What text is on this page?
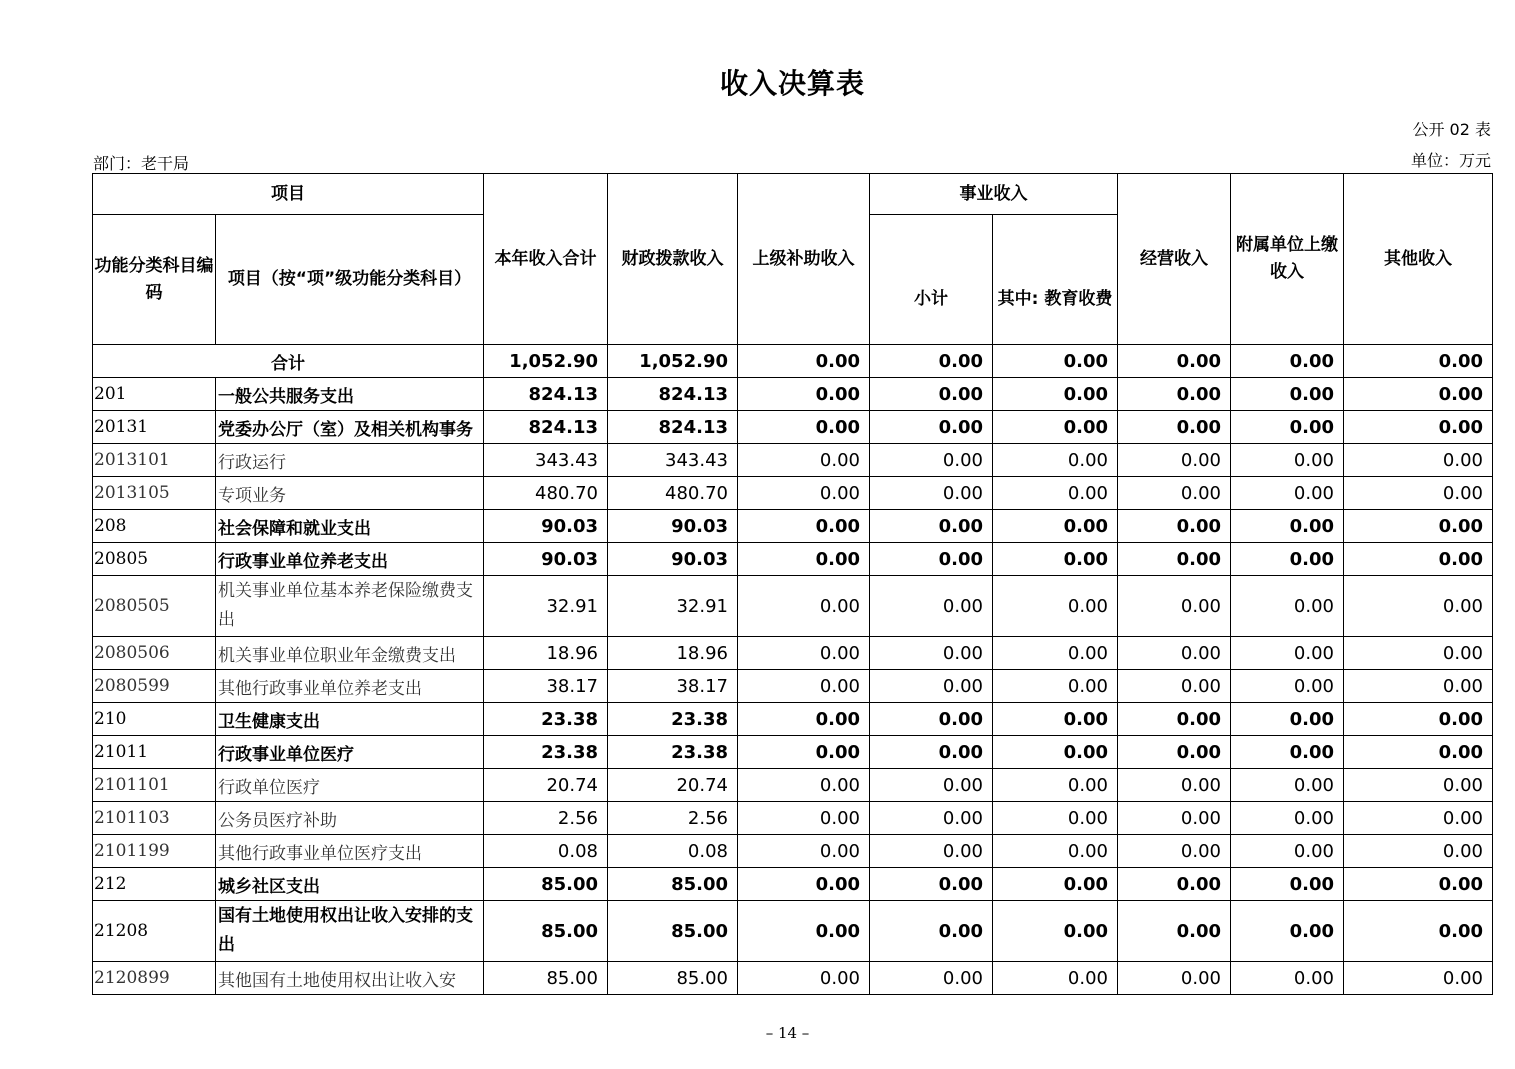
收入决算表
公开 02 表
部门：老干局	单位：万元
项目		本年收入合计	财政拨款收入	上级补助收入	事业收入		经营收入	附属单位上缴收入	其他收入
功能分类科目编码	项目（按“项”级功能分类科目）				小计	其中: 教育收费			
合计		1,052.90	1,052.90	0.00	0.00	0.00	0.00	0.00	0.00
201	一般公共服务支出	824.13	824.13	0.00	0.00	0.00	0.00	0.00	0.00
20131	党委办公厅（室）及相关机构事务	824.13	824.13	0.00	0.00	0.00	0.00	0.00	0.00
2013101	行政运行	343.43	343.43	0.00	0.00	0.00	0.00	0.00	0.00
2013105	专项业务	480.70	480.70	0.00	0.00	0.00	0.00	0.00	0.00
208	社会保障和就业支出	90.03	90.03	0.00	0.00	0.00	0.00	0.00	0.00
20805	行政事业单位养老支出	90.03	90.03	0.00	0.00	0.00	0.00	0.00	0.00
2080505	机关事业单位基本养老保险缴费支出	32.91	32.91	0.00	0.00	0.00	0.00	0.00	0.00
2080506	机关事业单位职业年金缴费支出	18.96	18.96	0.00	0.00	0.00	0.00	0.00	0.00
2080599	其他行政事业单位养老支出	38.17	38.17	0.00	0.00	0.00	0.00	0.00	0.00
210	卫生健康支出	23.38	23.38	0.00	0.00	0.00	0.00	0.00	0.00
21011	行政事业单位医疗	23.38	23.38	0.00	0.00	0.00	0.00	0.00	0.00
2101101	行政单位医疗	20.74	20.74	0.00	0.00	0.00	0.00	0.00	0.00
2101103	公务员医疗补助	2.56	2.56	0.00	0.00	0.00	0.00	0.00	0.00
2101199	其他行政事业单位医疗支出	0.08	0.08	0.00	0.00	0.00	0.00	0.00	0.00
212	城乡社区支出	85.00	85.00	0.00	0.00	0.00	0.00	0.00	0.00
21208	国有土地使用权出让收入安排的支出	85.00	85.00	0.00	0.00	0.00	0.00	0.00	0.00
2120899	其他国有土地使用权出让收入安	85.00	85.00	0.00	0.00	0.00	0.00	0.00	0.00
– 14 –
